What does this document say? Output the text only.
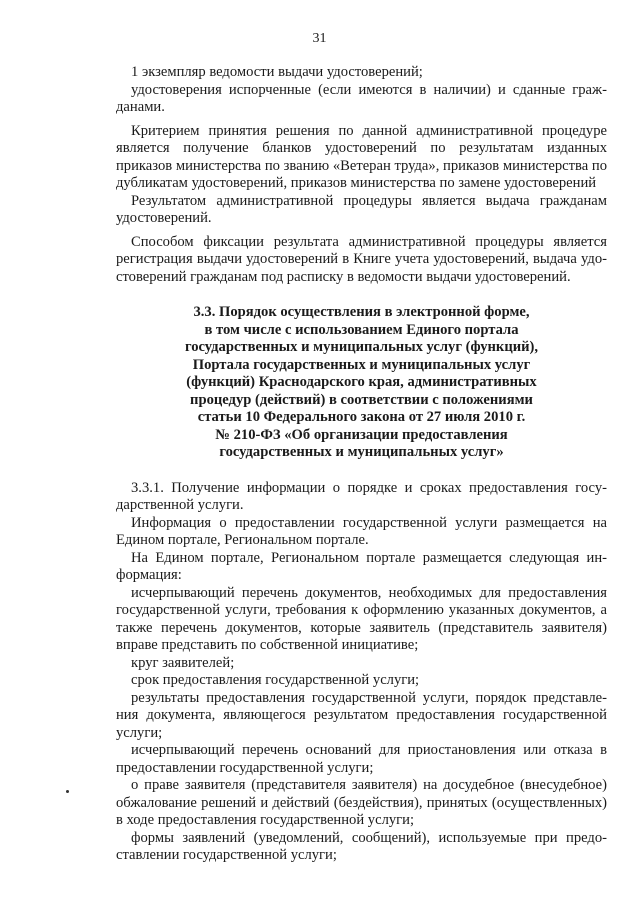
31

1 экземпляр ведомости выдачи удостоверений;

удостоверения испорченные (если имеются в наличии) и сданные гражданами.

Критерием принятия решения по данной административной процедуре является получение бланков удостоверений по результатам изданных приказов министерства по званию «Ветеран труда», приказов министерства по дубликатам удостоверений, приказов министерства по замене удостоверений

Результатом административной процедуры является выдача гражданам удостоверений.

Способом фиксации результата административной процедуры является регистрация выдачи удостоверений в Книге учета удостоверений, выдача удостоверений гражданам под расписку в ведомости выдачи удостоверений.

3.3. Порядок осуществления в электронной форме,
в том числе с использованием Единого портала
государственных и муниципальных услуг (функций),
Портала государственных и муниципальных услуг
(функций) Краснодарского края, административных
процедур (действий) в соответствии с положениями
статьи 10 Федерального закона от 27 июля 2010 г.
№ 210-ФЗ «Об организации предоставления
государственных и муниципальных услуг»

3.3.1. Получение информации о порядке и сроках предоставления государственной услуги.

Информация о предоставлении государственной услуги размещается на Едином портале, Региональном портале.

На Едином портале, Региональном портале размещается следующая информация:

исчерпывающий перечень документов, необходимых для предоставления государственной услуги, требования к оформлению указанных документов, а также перечень документов, которые заявитель (представитель заявителя) вправе представить по собственной инициативе;

круг заявителей;

срок предоставления государственной услуги;

результаты предоставления государственной услуги, порядок представления документа, являющегося результатом предоставления государственной услуги;

исчерпывающий перечень оснований для приостановления или отказа в предоставлении государственной услуги;

о праве заявителя (представителя заявителя) на досудебное (внесудебное) обжалование решений и действий (бездействия), принятых (осуществленных) в ходе предоставления государственной услуги;

формы заявлений (уведомлений, сообщений), используемые при предоставлении государственной услуги;
